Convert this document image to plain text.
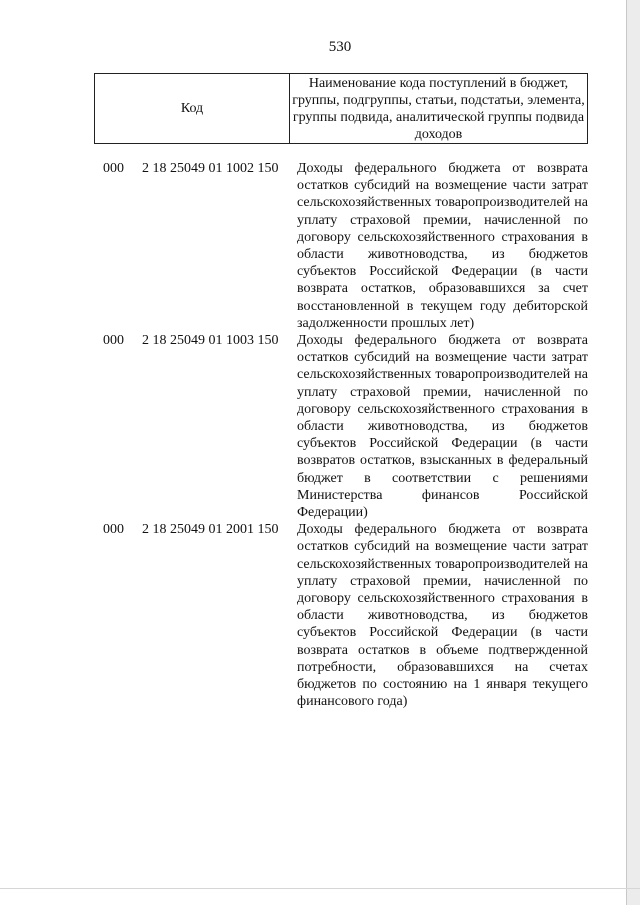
530
Код	Наименование кода поступлений в бюджет, группы, подгруппы, статьи, подстатьи, элемента, группы подвида, аналитической группы подвида доходов
000 2 18 25049 01 1002 150 Доходы федерального бюджета от возврата остатков субсидий на возмещение части затрат сельскохозяйственных товаропроизводителей на уплату страховой премии, начисленной по договору сельскохозяйственного страхования в области животноводства, из бюджетов субъектов Российской Федерации (в части возврата остатков, образовавшихся за счет восстановленной в текущем году дебиторской задолженности прошлых лет)
000 2 18 25049 01 1003 150 Доходы федерального бюджета от возврата остатков субсидий на возмещение части затрат сельскохозяйственных товаропроизводителей на уплату страховой премии, начисленной по договору сельскохозяйственного страхования в области животноводства, из бюджетов субъектов Российской Федерации (в части возвратов остатков, взысканных в федеральный бюджет в соответствии с решениями Министерства финансов Российской Федерации)
000 2 18 25049 01 2001 150 Доходы федерального бюджета от возврата остатков субсидий на возмещение части затрат сельскохозяйственных товаропроизводителей на уплату страховой премии, начисленной по договору сельскохозяйственного страхования в области животноводства, из бюджетов субъектов Российской Федерации (в части возврата остатков в объеме подтвержденной потребности, образовавшихся на счетах бюджетов по состоянию на 1 января текущего финансового года)
